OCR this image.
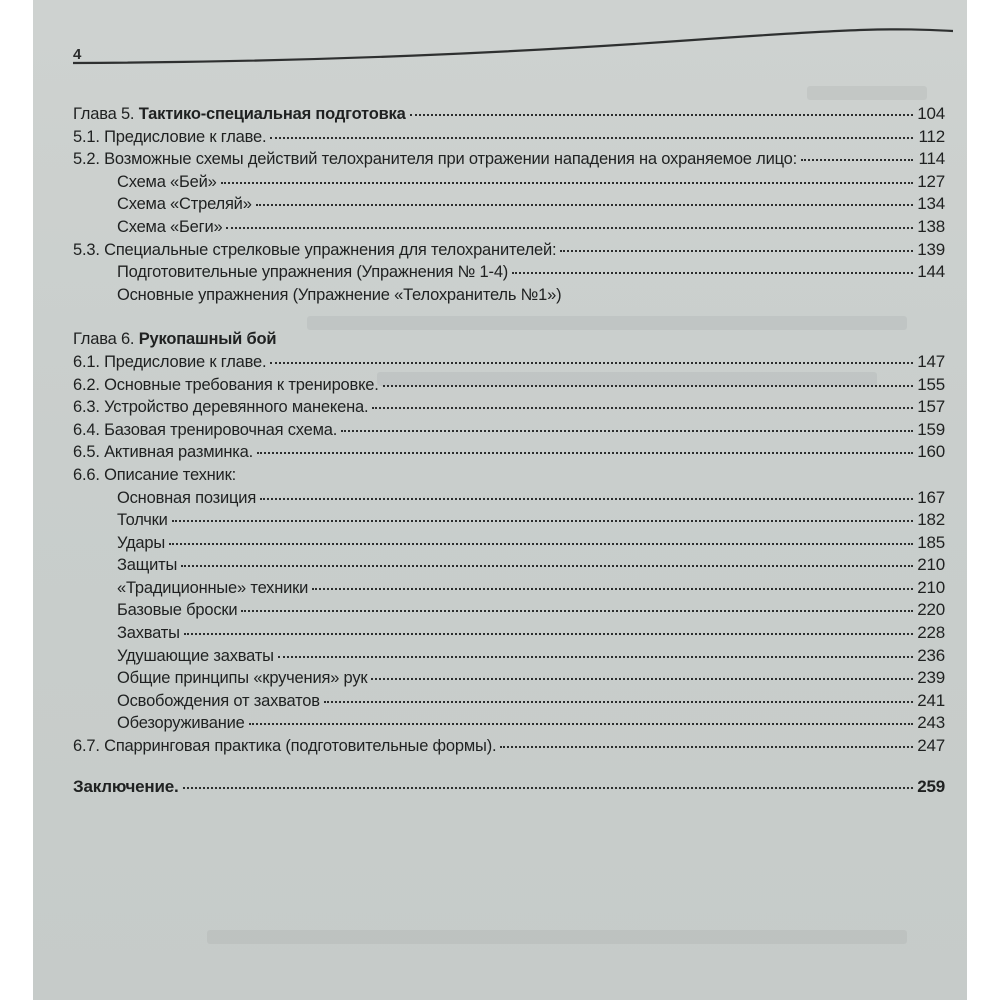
4
Глава 5. Тактико-специальная подготовка	104
5.1. Предисловие к главе.	112
5.2. Возможные схемы действий телохранителя при отражении нападения на охраняемое лицо:	114
Схема «Бей»	127
Схема «Стреляй»	134
Схема «Беги»	138
5.3. Специальные стрелковые упражнения для телохранителей:	139
Подготовительные упражнения (Упражнения № 1-4)	144
Основные упражнения (Упражнение «Телохранитель №1»)
Глава 6. Рукопашный бой
6.1. Предисловие к главе.	147
6.2. Основные требования к тренировке.	155
6.3. Устройство деревянного манекена.	157
6.4. Базовая тренировочная схема.	159
6.5. Активная разминка.	160
6.6. Описание техник:
Основная позиция	167
Толчки	182
Удары	185
Защиты	210
«Традиционные» техники	210
Базовые броски	220
Захваты	228
Удушающие захваты	236
Общие принципы «кручения» рук	239
Освобождения от захватов	241
Обезоруживание	243
6.7. Спарринговая практика (подготовительные формы).	247
Заключение.	259
